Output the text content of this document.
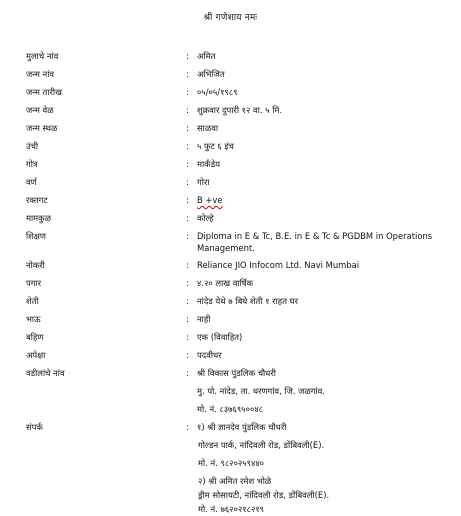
श्री गणेशाय नमः
मुलाचे नांव	: अमित
जन्म नांव	: अभिजित
जन्म तारीख	: ०५/०५/१९८९
जन्म वेळ	: शुक्रवार दुपारी १२ वा. ५ मि.
जन्म स्थळ	: साळवा
उंची	: ५ फुट ६ इंच
गोत्र	: मार्कंडेय
वर्ण	: गोरा
रक्तगट	: B +ve
मामकुळ	: कोल्हे
शिक्षण	: Diploma in E & Tc, B.E. in E & Tc & PGDBM in Operations Management.
नोकरी	: Reliance JIO Infocom Ltd. Navi Mumbai
पगार	: ४.२० लाख वार्षिक
शेती	: नांदेड येथे ७ बिघे शेती १ राहत घर
भाऊ	: नाही
बहिण	: एक (विवाहित)
अपेक्षा	: पदवीधर
वडीलांचे नांव	: श्री विकास पुंडलिक चौधरी
मु. पो. नांदेड, ता. धरणगांव, जि. जळगांव.
मो. नं. ८३७६९५००४८
संपर्क	: १) श्री ज्ञानदेव पुंडलिक चौधरी
गोल्डन पार्क, नांदिवली रोड, डोंबिवली(E).
मो. नं. ९८२०२५९४४०
२) श्री अमित रमेश भोळे
ड्रीम सोसायटी, नांदिवली रोड, डोंबिवली(E).
मो. नं. ७६२०२१८२१९
